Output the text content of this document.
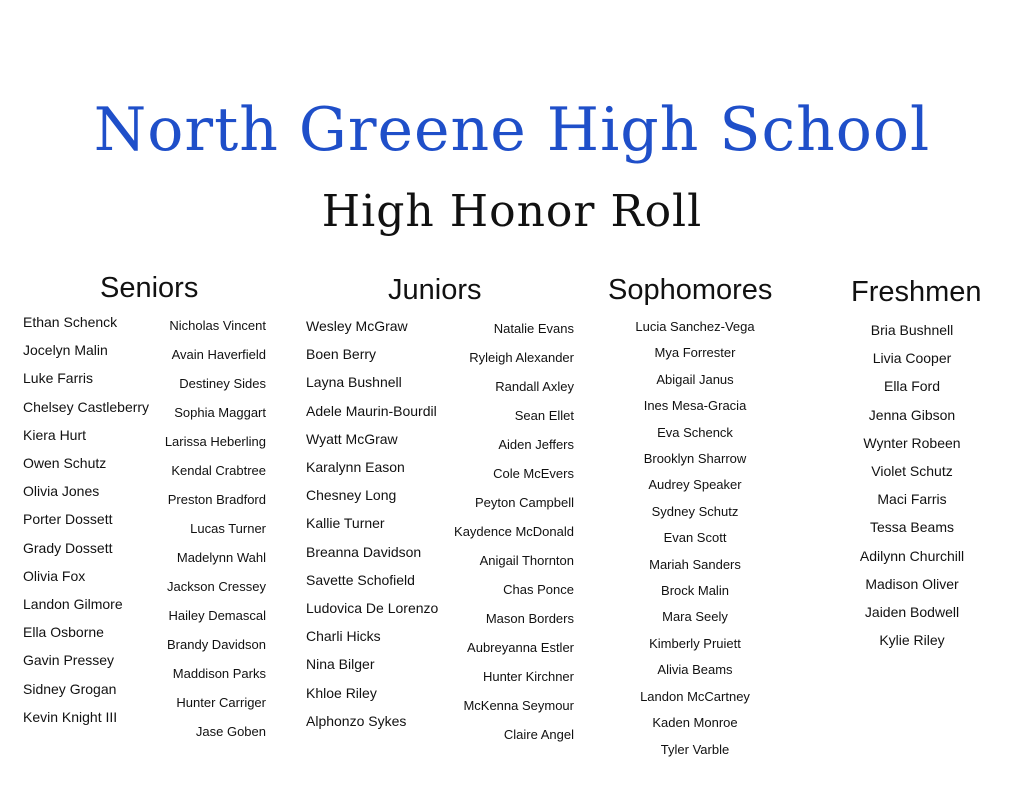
North Greene High School
High Honor Roll
Seniors
Ethan Schenck
Jocelyn Malin
Luke Farris
Chelsey Castleberry
Kiera Hurt
Owen Schutz
Olivia Jones
Porter Dossett
Grady Dossett
Olivia Fox
Landon Gilmore
Ella Osborne
Gavin Pressey
Sidney Grogan
Kevin Knight III
Nicholas Vincent
Avain Haverfield
Destiney Sides
Sophia Maggart
Larissa Heberling
Kendal Crabtree
Preston Bradford
Lucas Turner
Madelynn Wahl
Jackson Cressey
Hailey Demascal
Brandy Davidson
Maddison Parks
Hunter Carriger
Jase Goben
Juniors
Wesley McGraw
Boen Berry
Layna Bushnell
Adele Maurin-Bourdil
Wyatt McGraw
Karalynn Eason
Chesney Long
Kallie Turner
Breanna Davidson
Savette Schofield
Ludovica De Lorenzo
Charli Hicks
Nina Bilger
Khloe Riley
Alphonzo Sykes
Natalie Evans
Ryleigh Alexander
Randall Axley
Sean Ellet
Aiden Jeffers
Cole McEvers
Peyton Campbell
Kaydence McDonald
Anigail Thornton
Chas Ponce
Mason Borders
Aubreyanna Estler
Hunter Kirchner
McKenna Seymour
Claire Angel
Sophomores
Lucia Sanchez-Vega
Mya Forrester
Abigail Janus
Ines Mesa-Gracia
Eva Schenck
Brooklyn Sharrow
Audrey Speaker
Sydney Schutz
Evan Scott
Mariah Sanders
Brock Malin
Mara Seely
Kimberly Pruiett
Alivia Beams
Landon McCartney
Kaden Monroe
Tyler Varble
Freshmen
Bria Bushnell
Livia Cooper
Ella Ford
Jenna Gibson
Wynter Robeen
Violet Schutz
Maci Farris
Tessa Beams
Adilynn Churchill
Madison Oliver
Jaiden Bodwell
Kylie Riley
